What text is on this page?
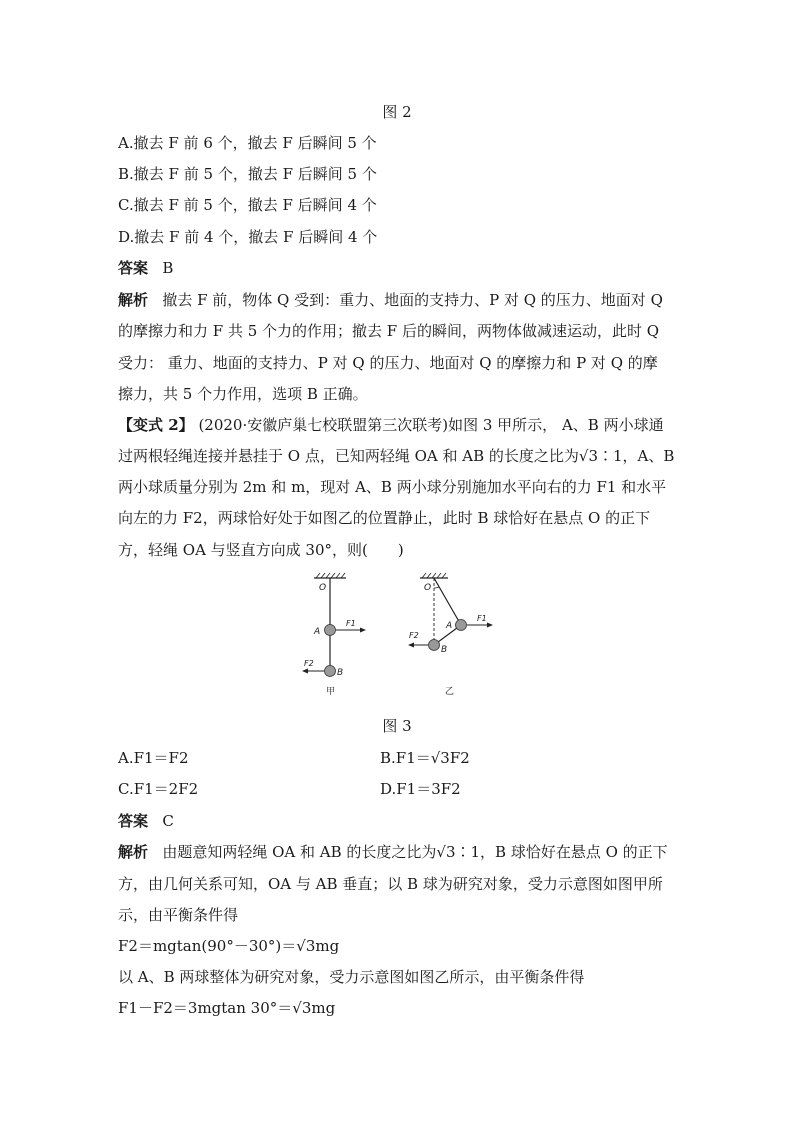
图 2
A.撤去 F 前 6 个，撤去 F 后瞬间 5 个
B.撤去 F 前 5 个，撤去 F 后瞬间 5 个
C.撤去 F 前 5 个，撤去 F 后瞬间 4 个
D.撤去 F 前 4 个，撤去 F 后瞬间 4 个
答案 B
解析 撤去 F 前，物体 Q 受到：重力、地面的支持力、P 对 Q 的压力、地面对 Q
的摩擦力和力 F 共 5 个力的作用；撤去 F 后的瞬间，两物体做减速运动，此时 Q
受力： 重力、地面的支持力、P 对 Q 的压力、地面对 Q 的摩擦力和 P 对 Q 的摩
擦力，共 5 个力作用，选项 B 正确。
【变式 2】 (2020·安徽庐巢七校联盟第三次联考)如图 3 甲所示， A、B 两小球通
过两根轻绳连接并悬挂于 O 点，已知两轻绳 OA 和 AB 的长度之比为√3∶1，A、B
两小球质量分别为 2m 和 m，现对 A、B 两小球分别施加水平向右的力 F1 和水平
向左的力 F2，两球恰好处于如图乙的位置静止，此时 B 球恰好在悬点 O 的正下
方，轻绳 OA 与竖直方向成 30°，则(　　)
O
A
B
F1
F2
甲
O
A
B
F1
F2
乙
图 3
A.F1＝F2	B.F1＝√3F2
C.F1＝2F2	D.F1＝3F2
答案 C
解析 由题意知两轻绳 OA 和 AB 的长度之比为√3∶1，B 球恰好在悬点 O 的正下
方，由几何关系可知，OA 与 AB 垂直；以 B 球为研究对象，受力示意图如图甲所
示，由平衡条件得
F2＝mgtan(90°－30°)＝√3mg
以 A、B 两球整体为研究对象，受力示意图如图乙所示，由平衡条件得
F1－F2＝3mgtan 30°＝√3mg
